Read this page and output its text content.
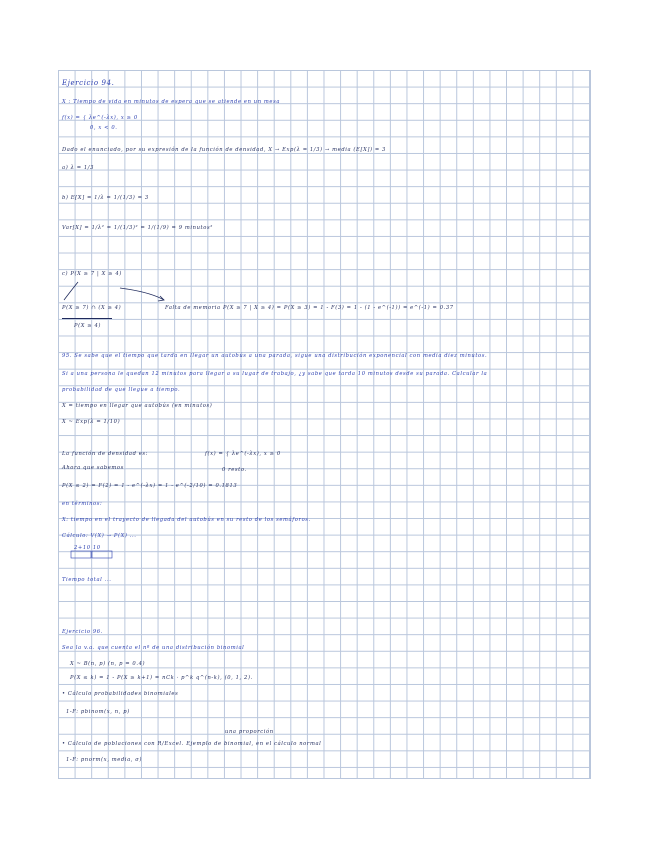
Ejercicio 94.
X : Tiempo de vida en minutos de espera que se atiende en un mesa
f(x) = { λe^(-λx), x ≥ 0
0, x < 0.
Dado el enunciado, por su expresión de la función de densidad, X → Exp(λ = 1/3) → media (E[X]) = 3
a) λ = 1/3
b) E[X] = 1/λ = 1/(1/3) = 3
Var[X] = 1/λ² = 1/(1/3)² = 1/(1/9) = 9 minutos²
c) P(X ≥ 7 | X ≥ 4)
Falta de memoria P(X ≥ 7 | X ≥ 4) = P(X ≥ 3) = 1 - F(3) = 1 - (1 - e^(-1)) = e^(-1) = 0.37
P(X ≥ 7) ∩ (X ≥ 4)
P(X ≥ 4)
95. Se sabe que el tiempo que tarda en llegar un autobús a una parada, sigue una distribución exponencial con media diez minutos.
Si a una persona le quedan 12 minutos para llegar a su lugar de trabajo, ¿y sabe que tarda 10 minutos desde su parada. Calcular la
probabilidad de que llegue a tiempo.
X = tiempo en llegar que autobús (en minutos)
X ~ Exp(λ = 1/10)
La función de densidad es:	f(x) = { λe^(-λx), x ≥ 0
Ahora que sabemos	0 resto.
P(X ≤ 2) = F(2) = 1 - e^(-λx) = 1 - e^(-2/10) = 0.1813
en términos:
X: tiempo en el trayecto de llegada del autobús en su resto de los semáforos.
Cálculo: V(X) → P(X) ...
2+10 10
Tiempo total ...
Ejercicio 96.
Sea la v.a. que cuenta el nº de una distribución binomial
X ~ B(n, p) (n, p = 0.4)
P(X ≤ k) = 1 - P(X ≥ k+1) = nCk · p^k q^(n-k), (0, 1, 2).
• Cálculo probabilidades binomiales
1-F: pbinom(x, n, p)
una proporción
• Cálculo de poblaciones con R/Excel. Ejemplo de binomial, en el cálculo normal
1-F: pnorm(x, media, σ)
